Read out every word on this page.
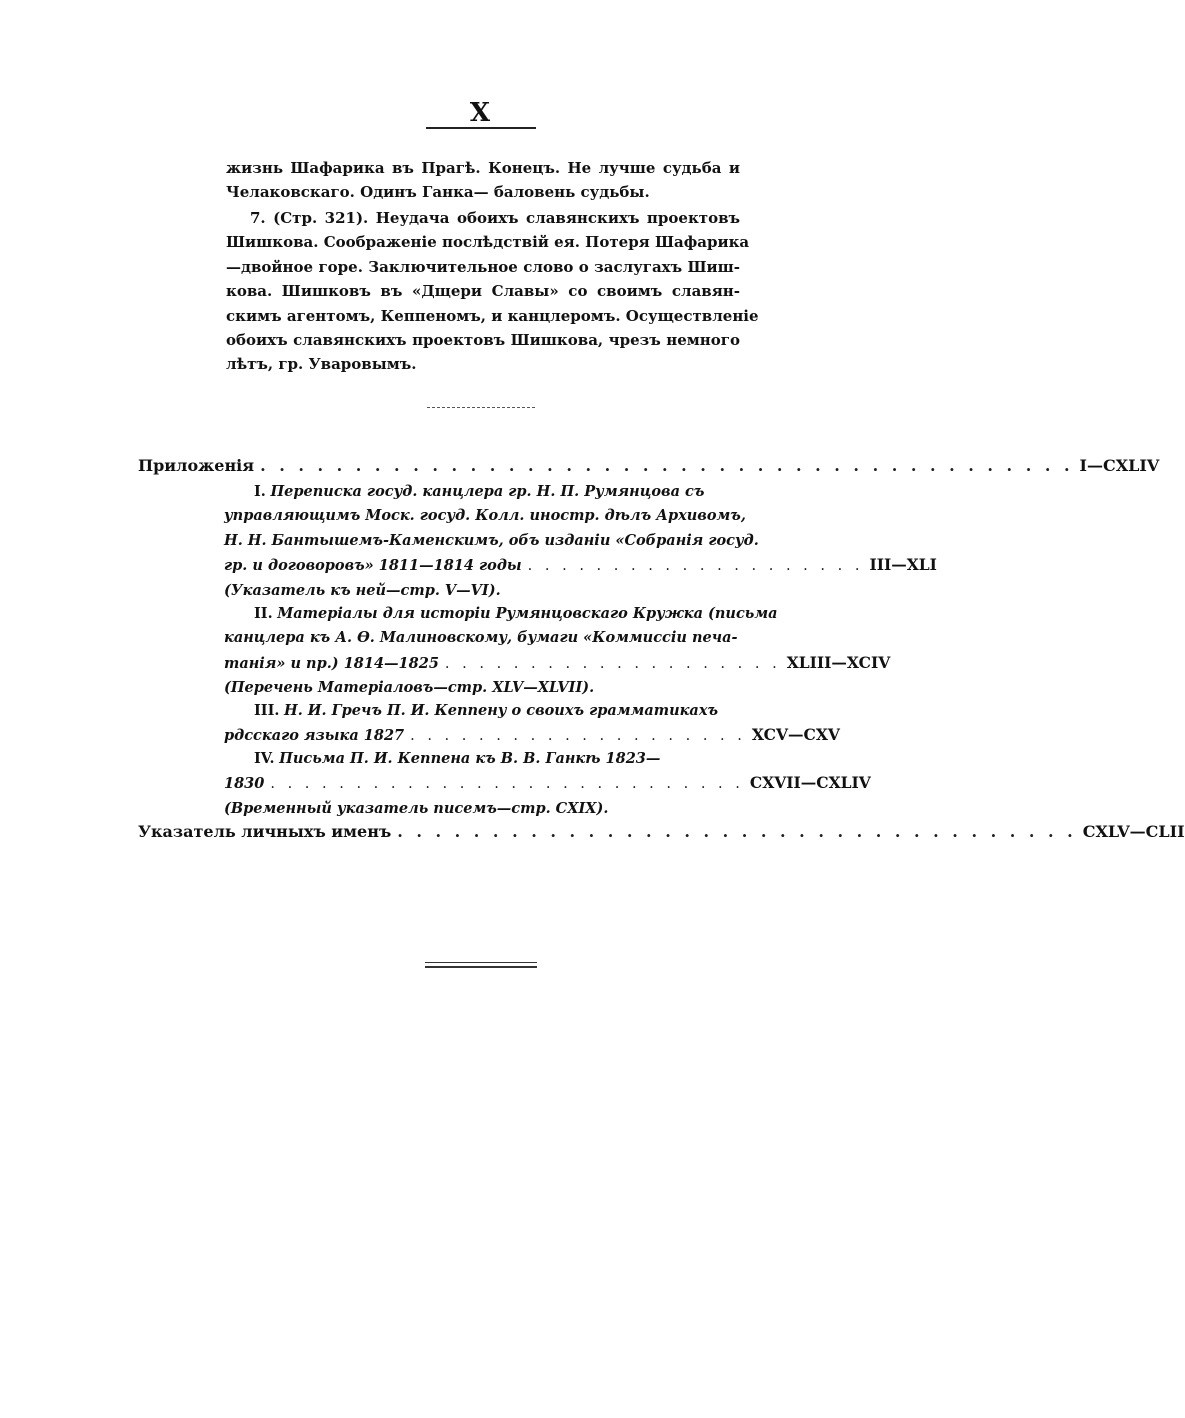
X
жизнь Шафарика въ Прагѣ. Конецъ. Не лучше судьба и
Челаковскаго. Одинъ Ганка— баловень судьбы.
7. (Стр. 321). Неудача обоихъ славянскихъ проектовъ
Шишкова. Соображенiе послѣдствiй ея. Потеря Шафарика
—двойное горе. Заключительное слово о заслугахъ Шиш-
кова. Шишковъ въ «Дщери Славы» со своимъ славян-
скимъ агентомъ, Кеппеномъ, и канцлеромъ. Осуществленiе
обоихъ славянскихъ проектовъ Шишкова, чрезъ немного
лѣтъ, гр. Уваровымъ.
Приложенiя . . . . . . . . . . . . . . . . . . . . . . . . . . . . . . . . . . . . . . . . . . . I—CXLIV
I.
Переписка госуд. канцлера гр. Н. П. Румянцова съ
управляющимъ Моск. госуд. Колл. иностр. дѣлъ Архивомъ,
Н. Н. Бантышемъ-Каменскимъ, объ изданiи «Собранiя госуд.
гр. и договоровъ» 1811—1814 годы . . . . . . . . . . . . . . . . . . . . III—XLI
(Указатель къ ней—стр. V—VI).
II.
Матерiалы для исторiи Румянцовскаго Кружка (письма
канцлера къ А. Ө. Малиновскому, бумаги «Коммиссiи печа-
танiя» и пр.) 1814—1825 . . . . . . . . . . . . . . . . . . . . XLIII—XCIV
(Перечень Матерiаловъ—стр. XLV—XLVII).
III.
Н. И. Гречъ П. И. Кеппену о своихъ грамматикахъ
рдсскаго языка 1827 . . . . . . . . . . . . . . . . . . . . XCV—CXV
IV.
Письма П. И. Кеппена къ В. В. Ганкѣ 1823—
1830 . . . . . . . . . . . . . . . . . . . . . . . . . . . . CXVII—CXLIV
(Временный указатель писемъ—стр. CXIX).
Указатель личныхъ именъ . . . . . . . . . . . . . . . . . . . . . . . . . . . . . . . . . . . . CXLV—CLII
